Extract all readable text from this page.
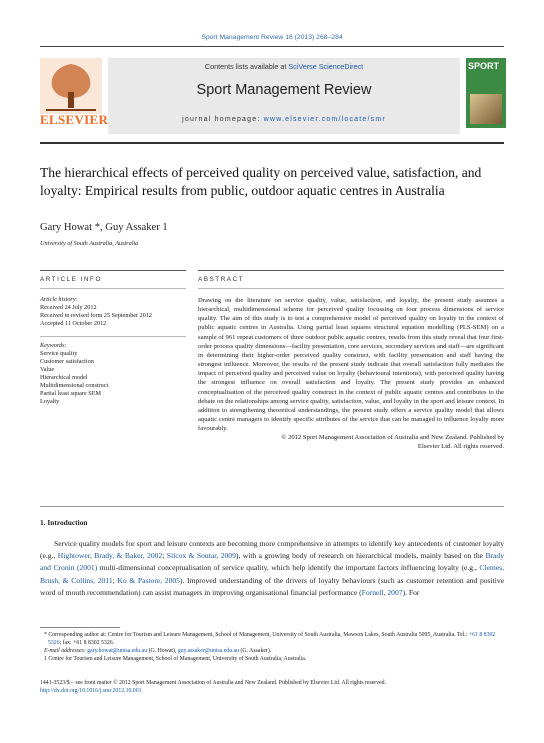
Sport Management Review 16 (2013) 268–284
ELSEVIER
Contents lists available at SciVerse ScienceDirect
Sport Management Review
journal homepage: www.elsevier.com/locate/smr
SPORT
The hierarchical effects of perceived quality on perceived value, satisfaction, and loyalty: Empirical results from public, outdoor aquatic centres in Australia
Gary Howat *, Guy Assaker 1
University of South Australia, Australia
ARTICLE INFO
Article history:
Received 24 July 2012
Received in revised form 25 September 2012
Accepted 11 October 2012
Keywords:
Service quality
Customer satisfaction
Value
Hierarchical model
Multidimensional construct
Partial least square SEM
Loyalty
ABSTRACT
Drawing on the literature on service quality, value, satisfaction, and loyalty, the present study assumes a hierarchical, multidimensional scheme for perceived quality focussing on four process dimensions of service quality. The aim of this study is to test a comprehensive model of perceived quality on loyalty in the context of public aquatic centres in Australia. Using partial least squares structural equation modelling (PLS-SEM) on a sample of 961 repeat customers of three outdoor public aquatic centres, results from this study reveal that four first-order process quality dimensions—facility presentation, core services, secondary services and staff—are significant in determining their higher-order perceived quality construct, with facility presentation and staff having the strongest influence. Moreover, the results of the present study indicate that overall satisfaction fully mediates the impact of perceived quality and perceived value on loyalty (behavioural intentions), with perceived quality having the strongest influence on overall satisfaction and loyalty. The present study provides an enhanced conceptualisation of the perceived quality construct in the context of public aquatic centres and contributes to the debate on the relationships among service quality, satisfaction, value, and loyalty in the sport and leisure context. In addition to strengthening theoretical understandings, the present study offers a service quality model that allows aquatic centre managers to identify specific attributes of the service that can be managed to influence loyalty more favourably.
© 2012 Sport Management Association of Australia and New Zealand. Published by
Elsevier Ltd. All rights reserved.
1. Introduction
Service quality models for sport and leisure contexts are becoming more comprehensive in attempts to identify key antecedents of customer loyalty (e.g., Hightower, Brady, & Baker, 2002; Silcox & Soutar, 2009), with a growing body of research on hierarchical models, mainly based on the Brady and Cronin (2001) multi-dimensional conceptualisation of service quality, which help identify the important factors influencing loyalty (e.g., Clemes, Brush, & Collins, 2011; Ko & Pastore, 2005). Improved understanding of the drivers of loyalty behaviours (such as customer retention and positive word of mouth recommendation) can assist managers in improving organisational financial performance (Fornell, 2007). For

* Corresponding author at: Centre for Tourism and Leisure Management, School of Management, University of South Australia, Mawson Lakes, South Australia 5095, Australia. Tel.: +61 8 8302 5326; fax: +61 8 8302 5326.

E-mail addresses: gary.howat@unisa.edu.au (G. Howat), guy.assaker@unisa.edu.au (G. Assaker).

1 Centre for Tourism and Leisure Management, School of Management, University of South Australia, Australia.

1441-3523/$ – see front matter © 2012 Sport Management Association of Australia and New Zealand. Published by Elsevier Ltd. All rights reserved.
http://dx.doi.org/10.1016/j.smr.2012.10.001
